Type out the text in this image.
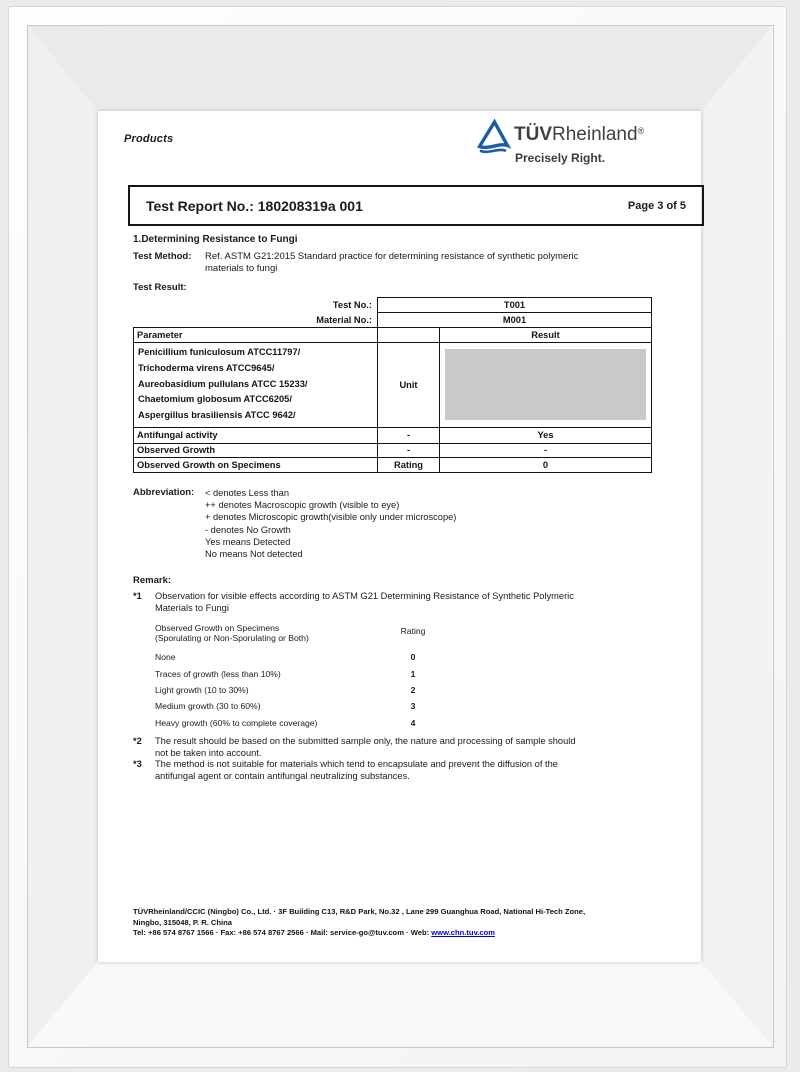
Products	TÜVRheinland®
Precisely Right.
Test Report No.: 180208319a 001	Page 3 of 5
1.Determining Resistance to Fungi
Test Method: Ref. ASTM G21:2015 Standard practice for determining resistance of synthetic polymeric
materials to fungi
Test Result:
Test No.:	T001	
Material No.:	M001	
Parameter		Result

Penicillium funiculosum ATCC11797/
Trichoderma virens ATCC9645/
Aureobasidium pullulans ATCC 15233/
Chaetomium globosum ATCC6205/
Aspergillus brasiliensis ATCC 9642/	Unit	

Antifungal activity	-	Yes
Observed Growth	-	-
Observed Growth on Specimens	Rating	0
Abbreviation: < denotes Less than
++ denotes Macroscopic growth (visible to eye)
+ denotes Microscopic growth(visible only under microscope)
- denotes No Growth
Yes means Detected
No means Not detected
Remark:
*1 Observation for visible effects according to ASTM G21 Determining Resistance of Synthetic Polymeric
Materials to Fungi
Observed Growth on Specimens
(Sporulating or Non-Sporulating or Both)
Rating
None	0
Traces of growth (less than 10%)	1
Light growth (10 to 30%)	2
Medium growth (30 to 60%)	3
Heavy growth (60% to complete coverage)	4
*2 The result should be based on the submitted sample only, the nature and processing of sample should
not be taken into account.
*3 The method is not suitable for materials which tend to encapsulate and prevent the diffusion of the
antifungal agent or contain antifungal neutralizing substances.
TÜVRheinland/CCIC (Ningbo) Co., Ltd. · 3F Building C13, R&D Park, No.32 , Lane 299 Guanghua Road, National Hi-Tech Zone,
Ningbo, 315048, P. R. China
Tel: +86 574 8767 1566 · Fax: +86 574 8767 2566 · Mail: service-go@tuv.com · Web: www.chn.tuv.com
